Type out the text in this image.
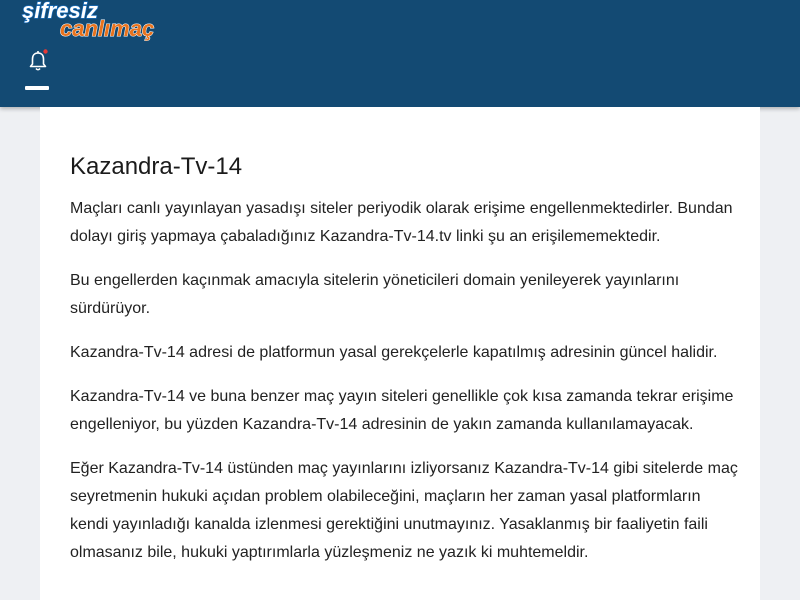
şifresiz
canlımaç
Kazandra-Tv-14

Maçları canlı yayınlayan yasadışı siteler periyodik olarak erişime engellenmektedirler. Bundan dolayı giriş yapmaya çabaladığınız Kazandra-Tv-14.tv linki şu an erişilememektedir.

Bu engellerden kaçınmak amacıyla sitelerin yöneticileri domain yenileyerek yayınlarını sürdürüyor.

Kazandra-Tv-14 adresi de platformun yasal gerekçelerle kapatılmış adresinin güncel halidir.

Kazandra-Tv-14 ve buna benzer maç yayın siteleri genellikle çok kısa zamanda tekrar erişime engelleniyor, bu yüzden Kazandra-Tv-14 adresinin de yakın zamanda kullanılamayacak.

Eğer Kazandra-Tv-14 üstünden maç yayınlarını izliyorsanız Kazandra-Tv-14 gibi sitelerde maç seyretmenin hukuki açıdan problem olabileceğini, maçların her zaman yasal platformların kendi yayınladığı kanalda izlenmesi gerektiğini unutmayınız. Yasaklanmış bir faaliyetin faili olmasanız bile, hukuki yaptırımlarla yüzleşmeniz ne yazık ki muhtemeldir.
